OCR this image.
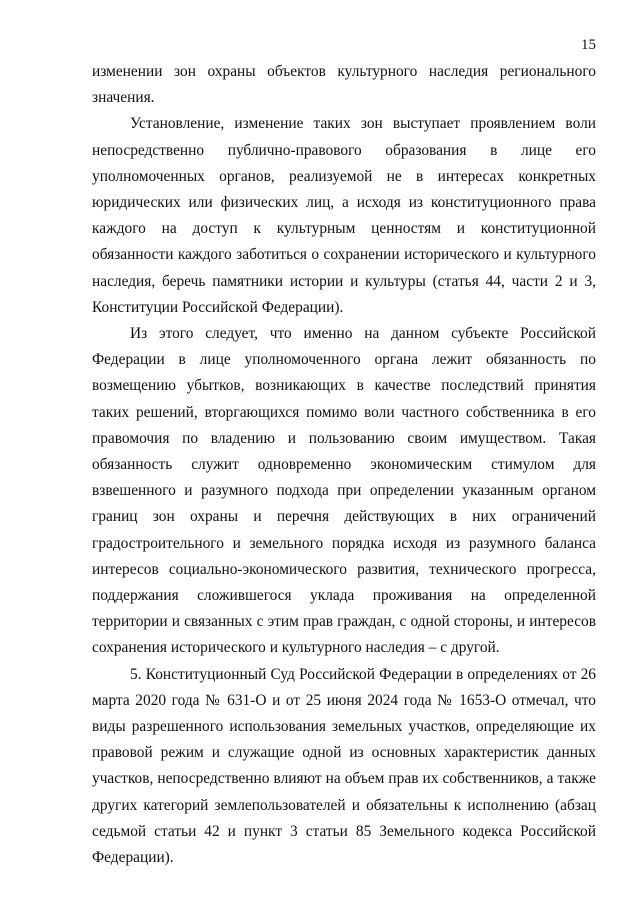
15

изменении зон охраны объектов культурного наследия регионального значения.

Установление, изменение таких зон выступает проявлением воли непосредственно публично-правового образования в лице его уполномоченных органов, реализуемой не в интересах конкретных юридических или физических лиц, а исходя из конституционного права каждого на доступ к культурным ценностям и конституционной обязанности каждого заботиться о сохранении исторического и культурного наследия, беречь памятники истории и культуры (статья 44, части 2 и 3, Конституции Российской Федерации).

Из этого следует, что именно на данном субъекте Российской Федерации в лице уполномоченного органа лежит обязанность по возмещению убытков, возникающих в качестве последствий принятия таких решений, вторгающихся помимо воли частного собственника в его правомочия по владению и пользованию своим имуществом. Такая обязанность служит одновременно экономическим стимулом для взвешенного и разумного подхода при определении указанным органом границ зон охраны и перечня действующих в них ограничений градостроительного и земельного порядка исходя из разумного баланса интересов социально-экономического развития, технического прогресса, поддержания сложившегося уклада проживания на определенной территории и связанных с этим прав граждан, с одной стороны, и интересов сохранения исторического и культурного наследия – с другой.

5. Конституционный Суд Российской Федерации в определениях от 26 марта 2020 года № 631-О и от 25 июня 2024 года № 1653-О отмечал, что виды разрешенного использования земельных участков, определяющие их правовой режим и служащие одной из основных характеристик данных участков, непосредственно влияют на объем прав их собственников, а также других категорий землепользователей и обязательны к исполнению (абзац седьмой статьи 42 и пункт 3 статьи 85 Земельного кодекса Российской Федерации).
